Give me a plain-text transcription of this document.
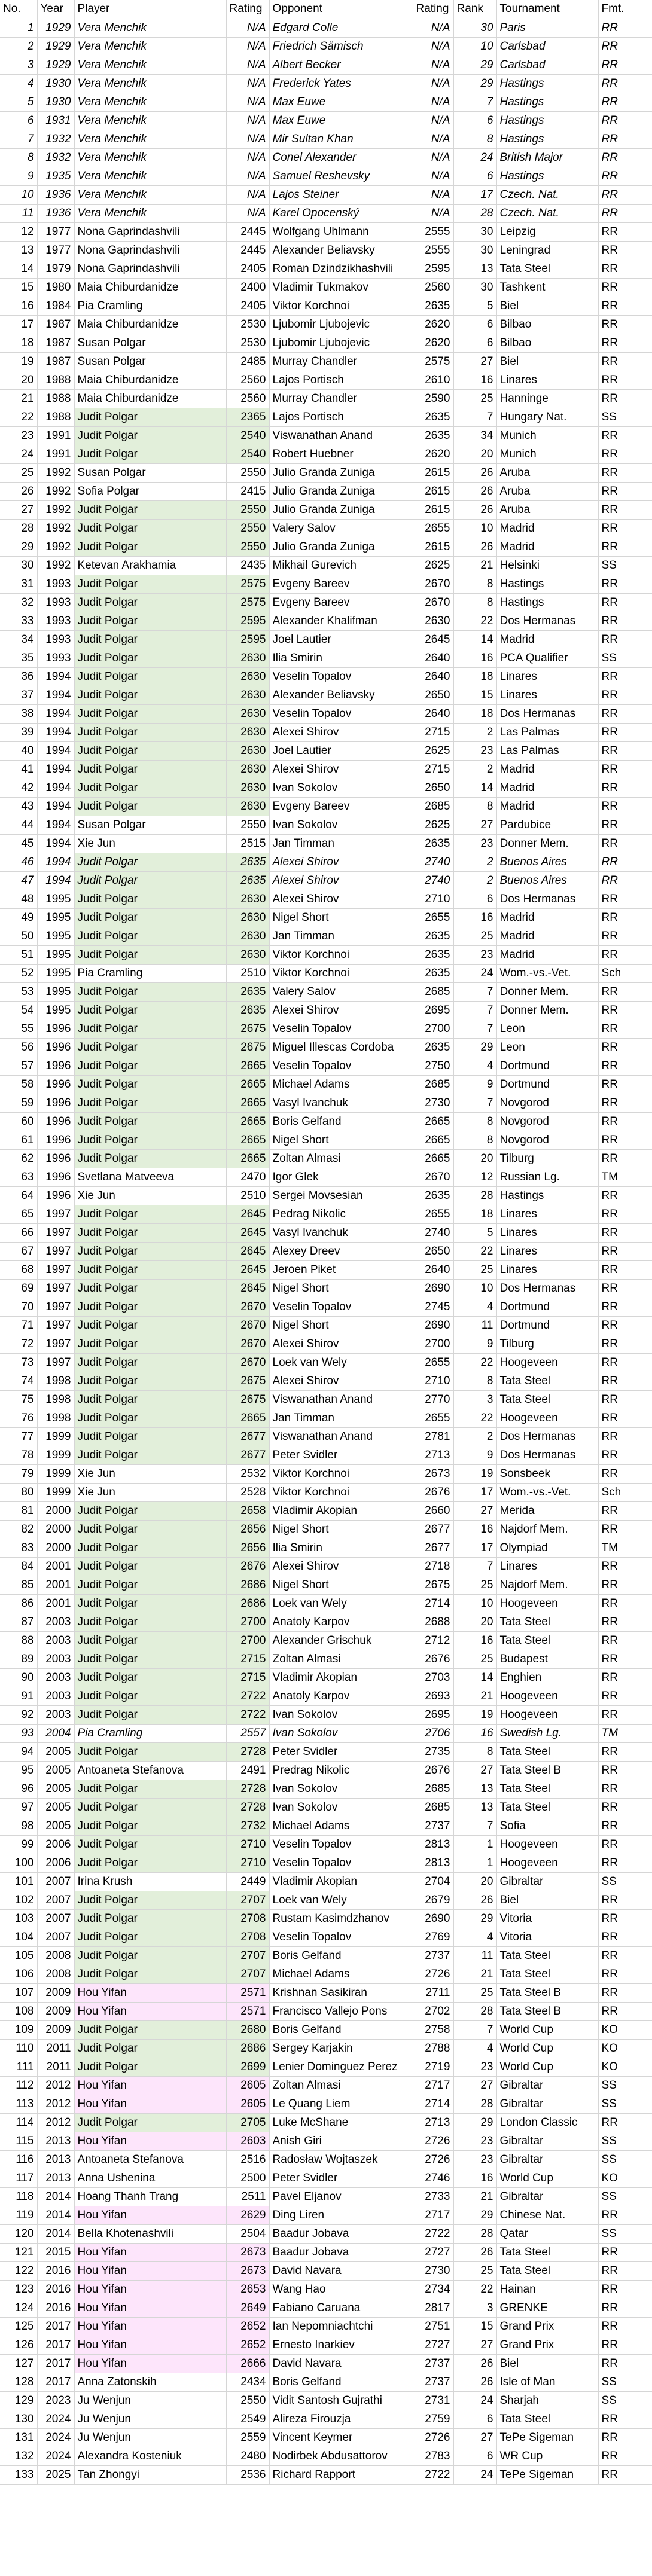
No.	Year	Player	Rating	Opponent	Rating	Rank	Tournament	Fmt.
1	1929	Vera Menchik	N/A	Edgard Colle	N/A	30	Paris	RR
2	1929	Vera Menchik	N/A	Friedrich Sämisch	N/A	10	Carlsbad	RR
3	1929	Vera Menchik	N/A	Albert Becker	N/A	29	Carlsbad	RR
4	1930	Vera Menchik	N/A	Frederick Yates	N/A	29	Hastings	RR
5	1930	Vera Menchik	N/A	Max Euwe	N/A	7	Hastings	RR
6	1931	Vera Menchik	N/A	Max Euwe	N/A	6	Hastings	RR
7	1932	Vera Menchik	N/A	Mir Sultan Khan	N/A	8	Hastings	RR
8	1932	Vera Menchik	N/A	Conel Alexander	N/A	24	British Major	RR
9	1935	Vera Menchik	N/A	Samuel Reshevsky	N/A	6	Hastings	RR
10	1936	Vera Menchik	N/A	Lajos Steiner	N/A	17	Czech. Nat.	RR
11	1936	Vera Menchik	N/A	Karel Opocenský	N/A	28	Czech. Nat.	RR
12	1977	Nona Gaprindashvili	2445	Wolfgang Uhlmann	2555	30	Leipzig	RR
13	1977	Nona Gaprindashvili	2445	Alexander Beliavsky	2555	30	Leningrad	RR
14	1979	Nona Gaprindashvili	2405	Roman Dzindzikhashvili	2595	13	Tata Steel	RR
15	1980	Maia Chiburdanidze	2400	Vladimir Tukmakov	2560	30	Tashkent	RR
16	1984	Pia Cramling	2405	Viktor Korchnoi	2635	5	Biel	RR
17	1987	Maia Chiburdanidze	2530	Ljubomir Ljubojevic	2620	6	Bilbao	RR
18	1987	Susan Polgar	2530	Ljubomir Ljubojevic	2620	6	Bilbao	RR
19	1987	Susan Polgar	2485	Murray Chandler	2575	27	Biel	RR
20	1988	Maia Chiburdanidze	2560	Lajos Portisch	2610	16	Linares	RR
21	1988	Maia Chiburdanidze	2560	Murray Chandler	2590	25	Hanninge	RR
22	1988	Judit Polgar	2365	Lajos Portisch	2635	7	Hungary Nat.	SS
23	1991	Judit Polgar	2540	Viswanathan Anand	2635	34	Munich	RR
24	1991	Judit Polgar	2540	Robert Huebner	2620	20	Munich	RR
25	1992	Susan Polgar	2550	Julio Granda Zuniga	2615	26	Aruba	RR
26	1992	Sofia Polgar	2415	Julio Granda Zuniga	2615	26	Aruba	RR
27	1992	Judit Polgar	2550	Julio Granda Zuniga	2615	26	Aruba	RR
28	1992	Judit Polgar	2550	Valery Salov	2655	10	Madrid	RR
29	1992	Judit Polgar	2550	Julio Granda Zuniga	2615	26	Madrid	RR
30	1992	Ketevan Arakhamia	2435	Mikhail Gurevich	2625	21	Helsinki	SS
31	1993	Judit Polgar	2575	Evgeny Bareev	2670	8	Hastings	RR
32	1993	Judit Polgar	2575	Evgeny Bareev	2670	8	Hastings	RR
33	1993	Judit Polgar	2595	Alexander Khalifman	2630	22	Dos Hermanas	RR
34	1993	Judit Polgar	2595	Joel Lautier	2645	14	Madrid	RR
35	1993	Judit Polgar	2630	Ilia Smirin	2640	16	PCA Qualifier	SS
36	1994	Judit Polgar	2630	Veselin Topalov	2640	18	Linares	RR
37	1994	Judit Polgar	2630	Alexander Beliavsky	2650	15	Linares	RR
38	1994	Judit Polgar	2630	Veselin Topalov	2640	18	Dos Hermanas	RR
39	1994	Judit Polgar	2630	Alexei Shirov	2715	2	Las Palmas	RR
40	1994	Judit Polgar	2630	Joel Lautier	2625	23	Las Palmas	RR
41	1994	Judit Polgar	2630	Alexei Shirov	2715	2	Madrid	RR
42	1994	Judit Polgar	2630	Ivan Sokolov	2650	14	Madrid	RR
43	1994	Judit Polgar	2630	Evgeny Bareev	2685	8	Madrid	RR
44	1994	Susan Polgar	2550	Ivan Sokolov	2625	27	Pardubice	RR
45	1994	Xie Jun	2515	Jan Timman	2635	23	Donner Mem.	RR
46	1994	Judit Polgar	2635	Alexei Shirov	2740	2	Buenos Aires	RR
47	1994	Judit Polgar	2635	Alexei Shirov	2740	2	Buenos Aires	RR
48	1995	Judit Polgar	2630	Alexei Shirov	2710	6	Dos Hermanas	RR
49	1995	Judit Polgar	2630	Nigel Short	2655	16	Madrid	RR
50	1995	Judit Polgar	2630	Jan Timman	2635	25	Madrid	RR
51	1995	Judit Polgar	2630	Viktor Korchnoi	2635	23	Madrid	RR
52	1995	Pia Cramling	2510	Viktor Korchnoi	2635	24	Wom.-vs.-Vet.	Sch
53	1995	Judit Polgar	2635	Valery Salov	2685	7	Donner Mem.	RR
54	1995	Judit Polgar	2635	Alexei Shirov	2695	7	Donner Mem.	RR
55	1996	Judit Polgar	2675	Veselin Topalov	2700	7	Leon	RR
56	1996	Judit Polgar	2675	Miguel Illescas Cordoba	2635	29	Leon	RR
57	1996	Judit Polgar	2665	Veselin Topalov	2750	4	Dortmund	RR
58	1996	Judit Polgar	2665	Michael Adams	2685	9	Dortmund	RR
59	1996	Judit Polgar	2665	Vasyl Ivanchuk	2730	7	Novgorod	RR
60	1996	Judit Polgar	2665	Boris Gelfand	2665	8	Novgorod	RR
61	1996	Judit Polgar	2665	Nigel Short	2665	8	Novgorod	RR
62	1996	Judit Polgar	2665	Zoltan Almasi	2665	20	Tilburg	RR
63	1996	Svetlana Matveeva	2470	Igor Glek	2670	12	Russian Lg.	TM
64	1996	Xie Jun	2510	Sergei Movsesian	2635	28	Hastings	RR
65	1997	Judit Polgar	2645	Pedrag Nikolic	2655	18	Linares	RR
66	1997	Judit Polgar	2645	Vasyl Ivanchuk	2740	5	Linares	RR
67	1997	Judit Polgar	2645	Alexey Dreev	2650	22	Linares	RR
68	1997	Judit Polgar	2645	Jeroen Piket	2640	25	Linares	RR
69	1997	Judit Polgar	2645	Nigel Short	2690	10	Dos Hermanas	RR
70	1997	Judit Polgar	2670	Veselin Topalov	2745	4	Dortmund	RR
71	1997	Judit Polgar	2670	Nigel Short	2690	11	Dortmund	RR
72	1997	Judit Polgar	2670	Alexei Shirov	2700	9	Tilburg	RR
73	1997	Judit Polgar	2670	Loek van Wely	2655	22	Hoogeveen	RR
74	1998	Judit Polgar	2675	Alexei Shirov	2710	8	Tata Steel	RR
75	1998	Judit Polgar	2675	Viswanathan Anand	2770	3	Tata Steel	RR
76	1998	Judit Polgar	2665	Jan Timman	2655	22	Hoogeveen	RR
77	1999	Judit Polgar	2677	Viswanathan Anand	2781	2	Dos Hermanas	RR
78	1999	Judit Polgar	2677	Peter Svidler	2713	9	Dos Hermanas	RR
79	1999	Xie Jun	2532	Viktor Korchnoi	2673	19	Sonsbeek	RR
80	1999	Xie Jun	2528	Viktor Korchnoi	2676	17	Wom.-vs.-Vet.	Sch
81	2000	Judit Polgar	2658	Vladimir Akopian	2660	27	Merida	RR
82	2000	Judit Polgar	2656	Nigel Short	2677	16	Najdorf Mem.	RR
83	2000	Judit Polgar	2656	Ilia Smirin	2677	17	Olympiad	TM
84	2001	Judit Polgar	2676	Alexei Shirov	2718	7	Linares	RR
85	2001	Judit Polgar	2686	Nigel Short	2675	25	Najdorf Mem.	RR
86	2001	Judit Polgar	2686	Loek van Wely	2714	10	Hoogeveen	RR
87	2003	Judit Polgar	2700	Anatoly Karpov	2688	20	Tata Steel	RR
88	2003	Judit Polgar	2700	Alexander Grischuk	2712	16	Tata Steel	RR
89	2003	Judit Polgar	2715	Zoltan Almasi	2676	25	Budapest	RR
90	2003	Judit Polgar	2715	Vladimir Akopian	2703	14	Enghien	RR
91	2003	Judit Polgar	2722	Anatoly Karpov	2693	21	Hoogeveen	RR
92	2003	Judit Polgar	2722	Ivan Sokolov	2695	19	Hoogeveen	RR
93	2004	Pia Cramling	2557	Ivan Sokolov	2706	16	Swedish Lg.	TM
94	2005	Judit Polgar	2728	Peter Svidler	2735	8	Tata Steel	RR
95	2005	Antoaneta Stefanova	2491	Predrag Nikolic	2676	27	Tata Steel B	RR
96	2005	Judit Polgar	2728	Ivan Sokolov	2685	13	Tata Steel	RR
97	2005	Judit Polgar	2728	Ivan Sokolov	2685	13	Tata Steel	RR
98	2005	Judit Polgar	2732	Michael Adams	2737	7	Sofia	RR
99	2006	Judit Polgar	2710	Veselin Topalov	2813	1	Hoogeveen	RR
100	2006	Judit Polgar	2710	Veselin Topalov	2813	1	Hoogeveen	RR
101	2007	Irina Krush	2449	Vladimir Akopian	2704	20	Gibraltar	SS
102	2007	Judit Polgar	2707	Loek van Wely	2679	26	Biel	RR
103	2007	Judit Polgar	2708	Rustam Kasimdzhanov	2690	29	Vitoria	RR
104	2007	Judit Polgar	2708	Veselin Topalov	2769	4	Vitoria	RR
105	2008	Judit Polgar	2707	Boris Gelfand	2737	11	Tata Steel	RR
106	2008	Judit Polgar	2707	Michael Adams	2726	21	Tata Steel	RR
107	2009	Hou Yifan	2571	Krishnan Sasikiran	2711	25	Tata Steel B	RR
108	2009	Hou Yifan	2571	Francisco Vallejo Pons	2702	28	Tata Steel B	RR
109	2009	Judit Polgar	2680	Boris Gelfand	2758	7	World Cup	KO
110	2011	Judit Polgar	2686	Sergey Karjakin	2788	4	World Cup	KO
111	2011	Judit Polgar	2699	Lenier Dominguez Perez	2719	23	World Cup	KO
112	2012	Hou Yifan	2605	Zoltan Almasi	2717	27	Gibraltar	SS
113	2012	Hou Yifan	2605	Le Quang Liem	2714	28	Gibraltar	SS
114	2012	Judit Polgar	2705	Luke McShane	2713	29	London Classic	RR
115	2013	Hou Yifan	2603	Anish Giri	2726	23	Gibraltar	SS
116	2013	Antoaneta Stefanova	2516	Radosław Wojtaszek	2726	23	Gibraltar	SS
117	2013	Anna Ushenina	2500	Peter Svidler	2746	16	World Cup	KO
118	2014	Hoang Thanh Trang	2511	Pavel Eljanov	2733	21	Gibraltar	SS
119	2014	Hou Yifan	2629	Ding Liren	2717	29	Chinese Nat.	RR
120	2014	Bella Khotenashvili	2504	Baadur Jobava	2722	28	Qatar	SS
121	2015	Hou Yifan	2673	Baadur Jobava	2727	26	Tata Steel	RR
122	2016	Hou Yifan	2673	David Navara	2730	25	Tata Steel	RR
123	2016	Hou Yifan	2653	Wang Hao	2734	22	Hainan	RR
124	2016	Hou Yifan	2649	Fabiano Caruana	2817	3	GRENKE	RR
125	2017	Hou Yifan	2652	Ian Nepomniachtchi	2751	15	Grand Prix	RR
126	2017	Hou Yifan	2652	Ernesto Inarkiev	2727	27	Grand Prix	RR
127	2017	Hou Yifan	2666	David Navara	2737	26	Biel	RR
128	2017	Anna Zatonskih	2434	Boris Gelfand	2737	26	Isle of Man	SS
129	2023	Ju Wenjun	2550	Vidit Santosh Gujrathi	2731	24	Sharjah	SS
130	2024	Ju Wenjun	2549	Alireza Firouzja	2759	6	Tata Steel	RR
131	2024	Ju Wenjun	2559	Vincent Keymer	2726	27	TePe Sigeman	RR
132	2024	Alexandra Kosteniuk	2480	Nodirbek Abdusattorov	2783	6	WR Cup	RR
133	2025	Tan Zhongyi	2536	Richard Rapport	2722	24	TePe Sigeman	RR
